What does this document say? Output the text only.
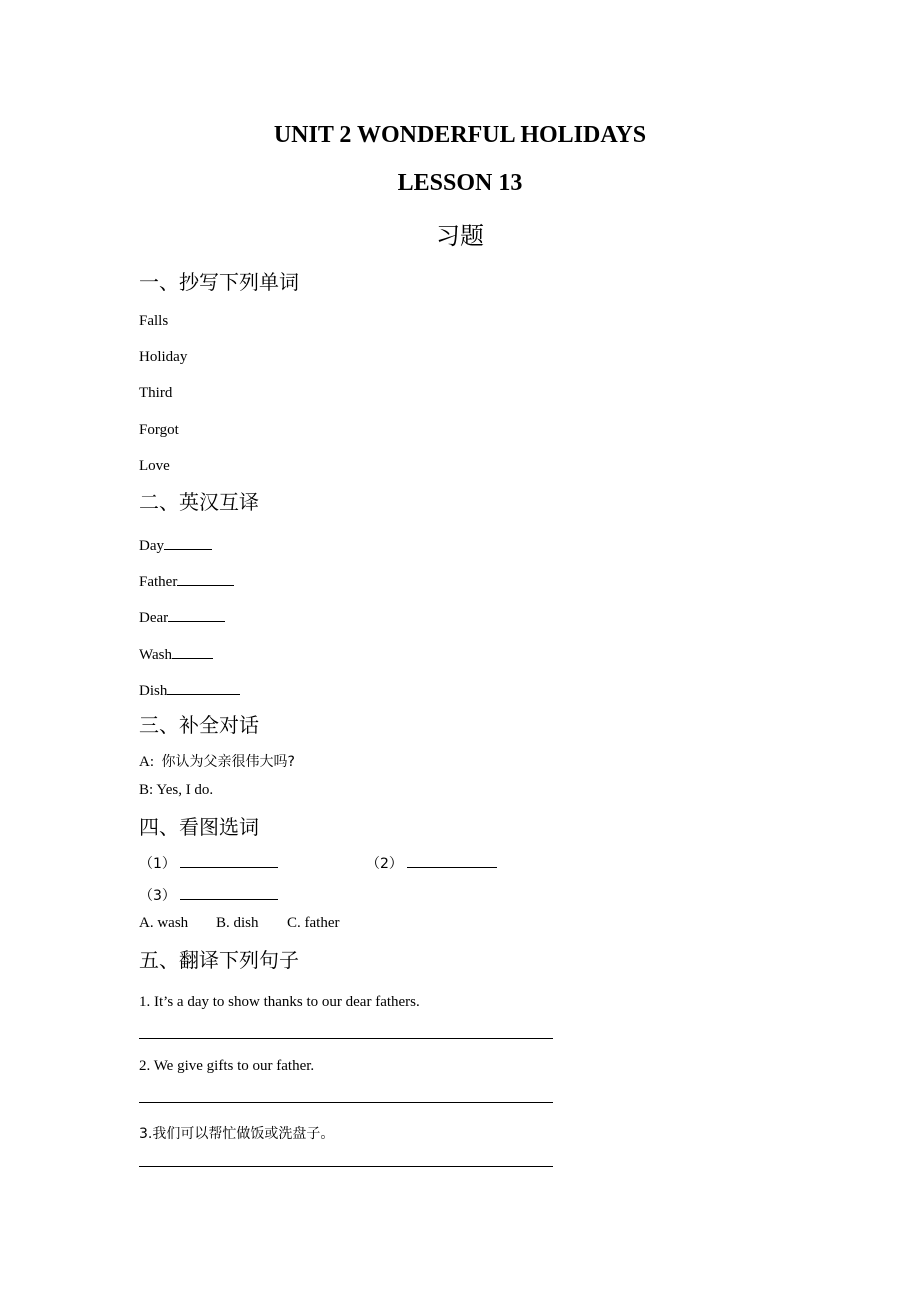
UNIT 2 WONDERFUL HOLIDAYS
LESSON 13
习题
一、抄写下列单词
Falls
Holiday
Third
Forgot
Love
二、英汉互译
Day
Father
Dear
Wash
Dish
三、补全对话
A: 你认为父亲很伟大吗?
B: Yes, I do.
四、看图选词
（1）	（2）
（3）
A. wash B. dish C. father
五、翻译下列句子
1. It’s a day to show thanks to our dear fathers.
2. We give gifts to our father.
3.我们可以帮忙做饭或洗盘子。
